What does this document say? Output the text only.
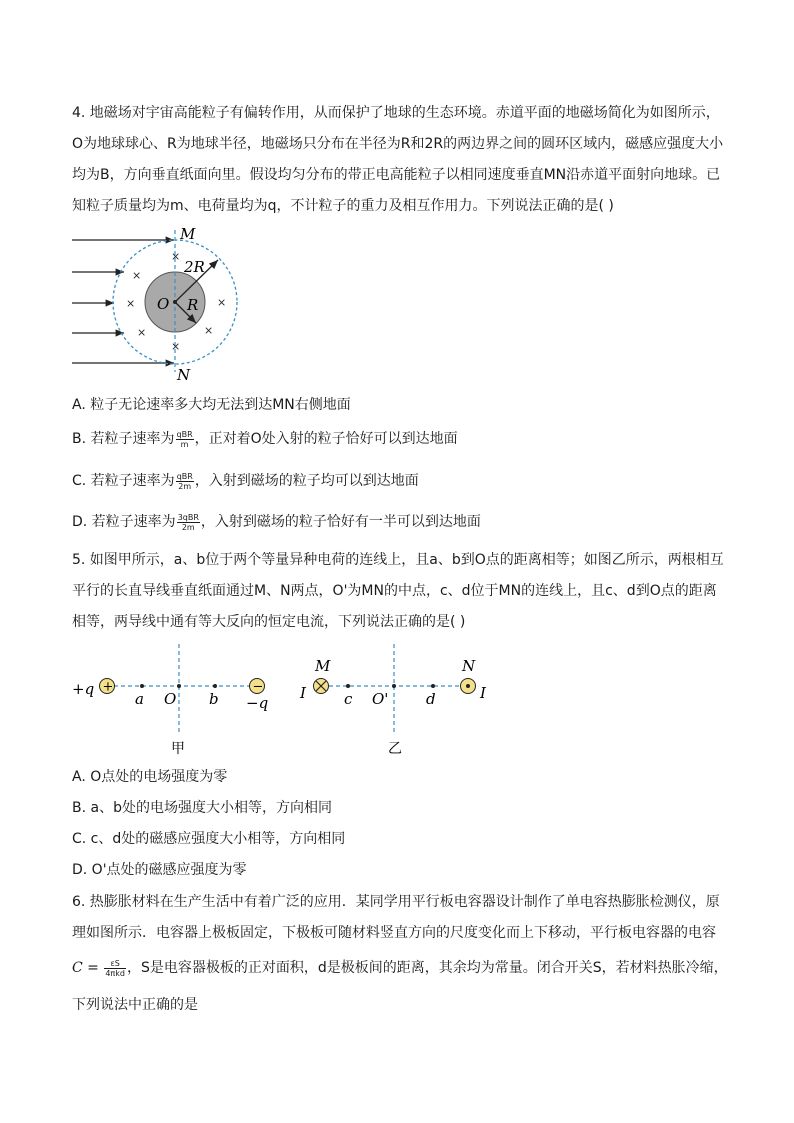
4. 地磁场对宇宙高能粒子有偏转作用，从而保护了地球的生态环境。赤道平面的地磁场简化为如图所示，
O为地球球心、R为地球半径，地磁场只分布在半径为R和2R的两边界之间的圆环区域内，磁感应强度大小
均为B，方向垂直纸面向里。假设均匀分布的带正电高能粒子以相同速度垂直MN沿赤道平面射向地球。已
知粒子质量均为m、电荷量均为q，不计粒子的重力及相互作用力。下列说法正确的是( )
M
N
O R
2R
×
×
×	×
×	×
×
A. 粒子无论速率多大均无法到达MN右侧地面
B. 若粒子速率为 $\frac{\text{qBR}}{m}$ ，正对着O处入射的粒子恰好可以到达地面
C. 若粒子速率为 $\frac{\text{qBR}}{2m}$ ，入射到磁场的粒子均可以到达地面
D. 若粒子速率为 $\frac{\text{3qBR}}{2m}$ ，入射到磁场的粒子恰好有一半可以到达地面
5. 如图甲所示，a、b位于两个等量异种电荷的连线上，且a、b到O点的距离相等；如图乙所示，两根相互
平行的长直导线垂直纸面通过M、N两点，O'为MN的中点，c、d位于MN的连线上，且c、d到O点的距离
相等，两导线中通有等大反向的恒定电流，下列说法正确的是( )
+	−
+q
a O b −q
甲
M	N
I	I
c O'	d
乙
A. O点处的电场强度为零
B. a、b处的电场强度大小相等，方向相同
C. c、d处的磁感应强度大小相等，方向相同
D. O'点处的磁感应强度为零
6. 热膨胀材料在生产生活中有着广泛的应用．某同学用平行板电容器设计制作了单电容热膨胀检测仪，原
理如图所示．电容器上极板固定，下极板可随材料竖直方向的尺度变化而上下移动，平行板电容器的电容
$C = \frac{\varepsilon S}{\text{4πkd}}$ ，S是电容器极板的正对面积，d是极板间的距离，其余均为常量。闭合开关S，若材料热胀冷缩，
下列说法中正确的是
